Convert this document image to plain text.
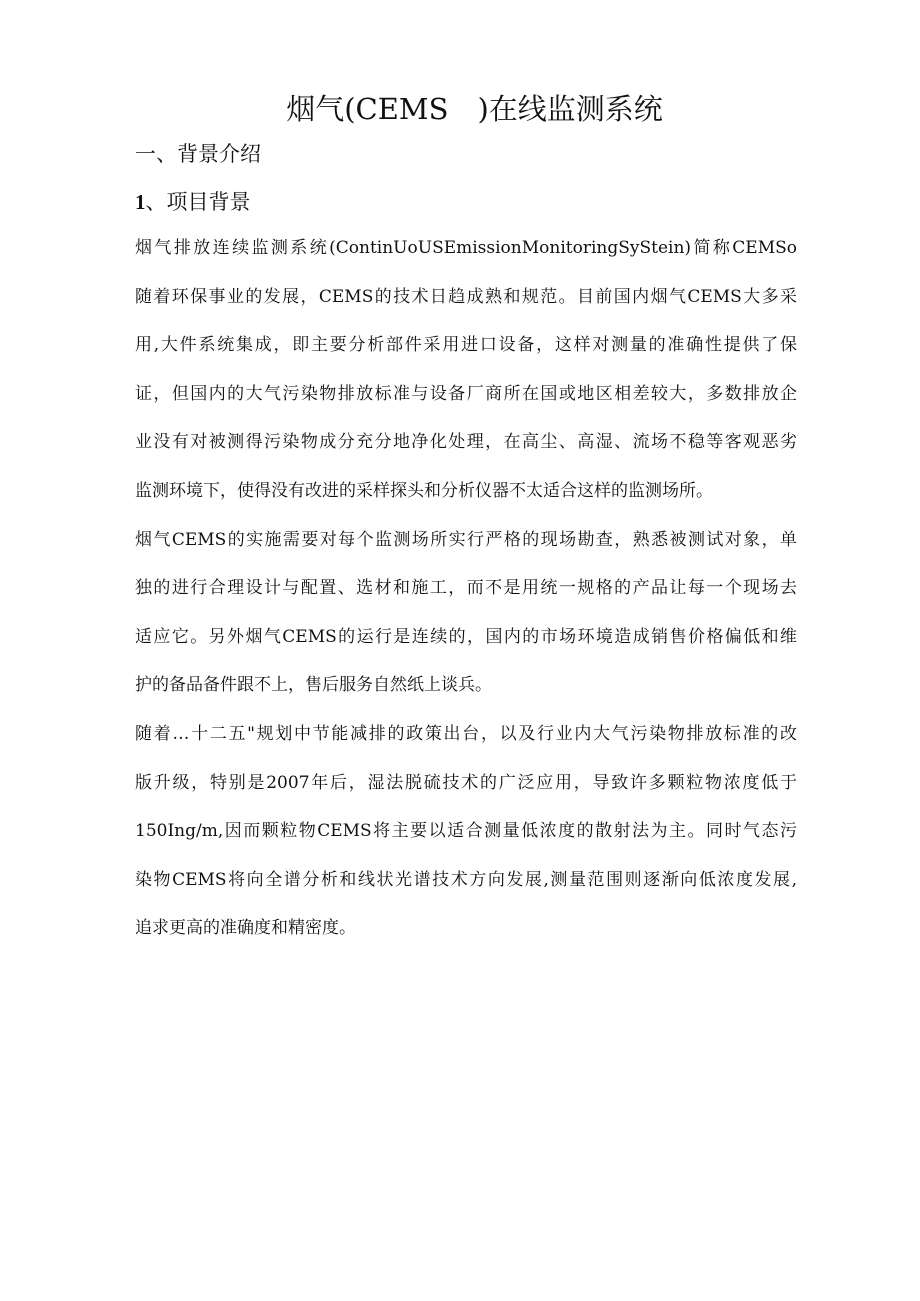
烟气(CEMS　)在线监测系统
一、背景介绍
1、项目背景

烟气排放连续监测系统(ContinUoUSEmissionMonitoringSyStein)简称CEMSo
随着环保事业的发展，CEMS的技术日趋成熟和规范。目前国内烟气CEMS大多采
用,大件系统集成，即主要分析部件采用进口设备，这样对测量的准确性提供了保
证，但国内的大气污染物排放标准与设备厂商所在国或地区相差较大，多数排放企
业没有对被测得污染物成分充分地净化处理，在高尘、高湿、流场不稳等客观恶劣
监测环境下，使得没有改进的采样探头和分析仪器不太适合这样的监测场所。

烟气CEMS的实施需要对每个监测场所实行严格的现场勘查，熟悉被测试对象，单
独的进行合理设计与配置、选材和施工，而不是用统一规格的产品让每一个现场去
适应它。另外烟气CEMS的运行是连续的，国内的市场环境造成销售价格偏低和维
护的备品备件跟不上，售后服务自然纸上谈兵。

随着…十二五"规划中节能减排的政策出台，以及行业内大气污染物排放标准的改
版升级，特别是2007年后，湿法脱硫技术的广泛应用，导致许多颗粒物浓度低于
150Ing/m,因而颗粒物CEMS将主要以适合测量低浓度的散射法为主。同时气态污
染物CEMS将向全谱分析和线状光谱技术方向发展,测量范围则逐渐向低浓度发展,
追求更高的准确度和精密度。
